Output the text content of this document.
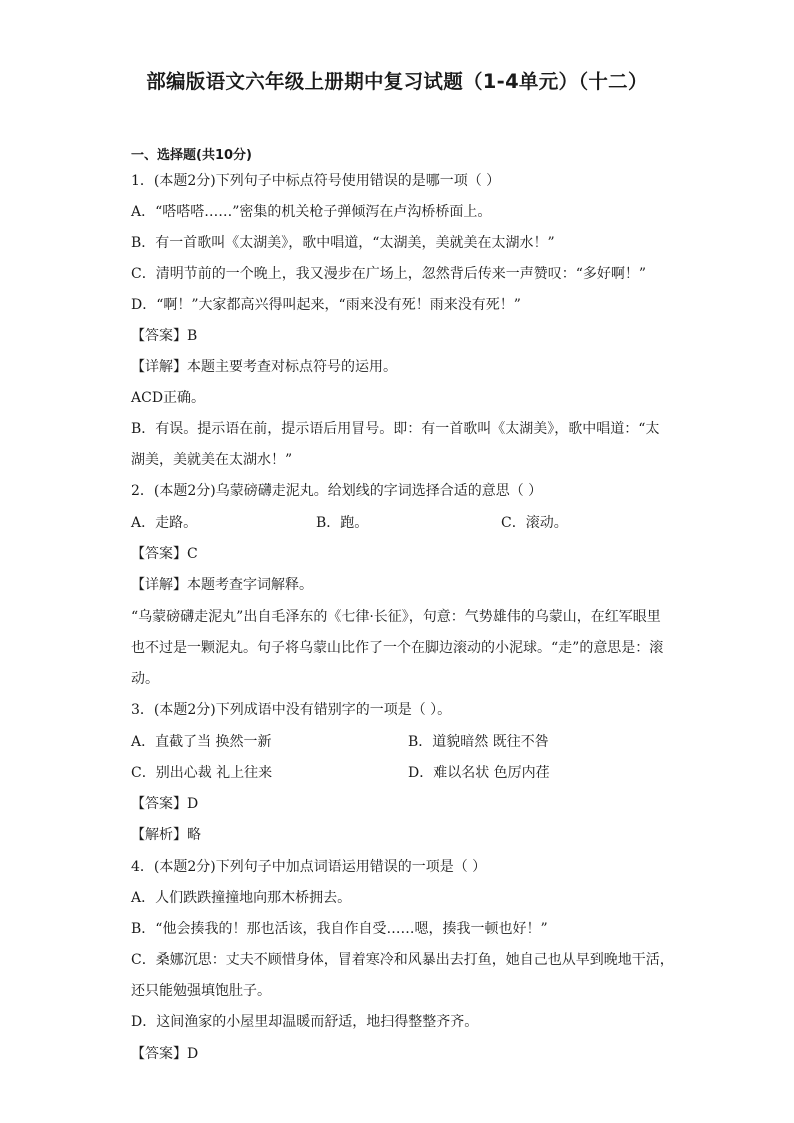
部编版语文六年级上册期中复习试题（1-4单元）（十二）
一、选择题(共10分)
1．(本题2分)下列句子中标点符号使用错误的是哪一项（ ）
A．“嗒嗒嗒……”密集的机关枪子弹倾泻在卢沟桥桥面上。
B．有一首歌叫《太湖美》，歌中唱道，“太湖美，美就美在太湖水！”
C．清明节前的一个晚上，我又漫步在广场上，忽然背后传来一声赞叹：“多好啊！”
D．“啊！”大家都高兴得叫起来，“雨来没有死！雨来没有死！”
【答案】B
【详解】本题主要考查对标点符号的运用。
ACD正确。
B．有误。提示语在前，提示语后用冒号。即：有一首歌叫《太湖美》，歌中唱道：“太
湖美，美就美在太湖水！”
2．(本题2分)乌蒙磅礴走泥丸。给划线的字词选择合适的意思（ ）
A．走路。	B．跑。	C．滚动。
【答案】C
【详解】本题考查字词解释。
“乌蒙磅礴走泥丸”出自毛泽东的《七律·长征》，句意：气势雄伟的乌蒙山，在红军眼里
也不过是一颗泥丸。句子将乌蒙山比作了一个在脚边滚动的小泥球。“走”的意思是：滚
动。
3．(本题2分)下列成语中没有错别字的一项是（ ）。
A．直截了当 换然一新	B．道貌暗然 既往不咎
C．别出心裁 礼上往来	D．难以名状 色厉内荏
【答案】D
【解析】略
4．(本题2分)下列句子中加点词语运用错误的一项是（ ）
A．人们跌跌撞撞地向那木桥拥去。
B．“他会揍我的！那也活该，我自作自受……嗯，揍我一顿也好！”
C．桑娜沉思：丈夫不顾惜身体，冒着寒冷和风暴出去打鱼，她自己也从早到晚地干活，
还只能勉强填饱肚子。
D．这间渔家的小屋里却温暖而舒适，地扫得整整齐齐。
【答案】D
